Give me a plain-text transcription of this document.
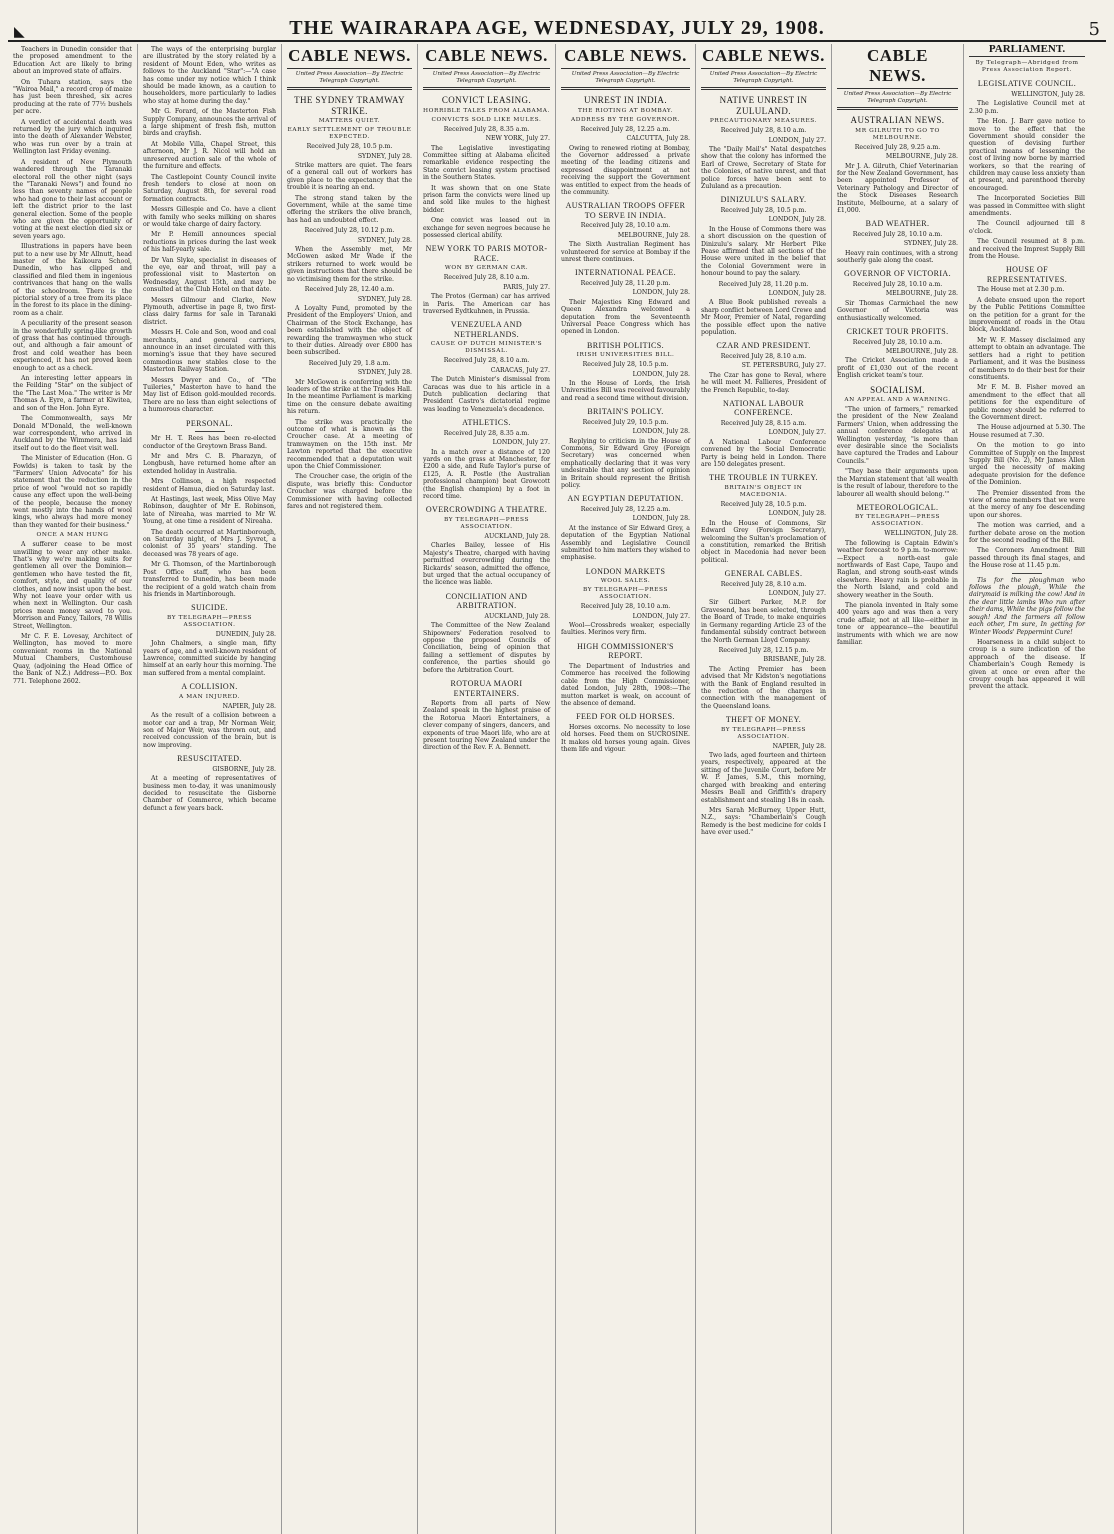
◣	THE WAIRARAPA AGE, WEDNESDAY, JULY 29, 1908.	5

Teachers in Dunedin consider that the proposed amendment to the Education Act are likely to bring about an improved state of affairs.

On Tuhara station, says the "Wairoa Mail," a record crop of maize has just been threshed, six acres producing at the rate of 77½ bushels per acre.

A verdict of accidental death was returned by the jury which inquired into the death of Alexander Webster, who was run over by a train at Wellington last Friday evening.

A resident of New Plymouth wandered through the Taranaki electoral roll the other night (says the "Taranaki News") and found no less than seventy names of people who had gone to their last account or left the district prior to the last general election. Some of the people who are given the opportunity of voting at the next election died six or seven years ago.

Illustrations in papers have been put to a new use by Mr Allnutt, head master of the Kaikoura School, Dunedin, who has clipped and classified and filed them in ingenious contrivances that hang on the walls of the schoolroom. There is the pictorial story of a tree from its place in the forest to its place in the dining-room as a chair.

A peculiarity of the present season in the wonderfully spring-like growth of grass that has continued through-out, and although a fair amount of frost and cold weather has been experienced, it has not proved keen enough to act as a check.

An interesting letter appears in the Feilding "Star" on the subject of the "The Last Moa." The writer is Mr Thomas A. Eyre, a farmer at Kiwitea, and son of the Hon. John Eyre.

The Commonwealth, says Mr Donald M'Donald, the well-known war correspondent, who arrived in Auckland by the Wimmera, has laid itself out to do the fleet visit well.

The Minister of Education (Hon. G Fowlds) is taken to task by the "Farmers' Union Advocate" for his statement that the reduction in the price of wool "would not so rapidly cause any effect upon the well-being of the people, because the money went mostly into the hands of wool kings, who always had more money than they wanted for their business."

ONCE A MAN HUNG

A sufferer cease to be most unwilling to wear any other make. That's why we're making suits for gentlemen all over the Dominion—gentlemen who have tested the fit, comfort, style, and quality of our clothes, and now insist upon the best. Why not leave your order with us when next in Wellington. Our cash prices mean money saved to you. Morrison and Fancy, Tailors, 78 Willis Street, Wellington.

Mr C. F. E. Lovesay, Architect of Wellington, has moved to more convenient rooms in the National Mutual Chambers, Customhouse Quay, (adjoining the Head Office of the Bank of N.Z.) Address—P.O. Box 771. Telephone 2602.

The ways of the enterprising burglar are illustrated by the story related by a resident of Mount Eden, who writes as follows to the Auckland "Star":—"A case has come under my notice which I think should be made known, as a caution to householders, more particularly to ladies who stay at home during the day."

Mr G. Forard, of the Masterton Fish Supply Company, announces the arrival of a large shipment of fresh fish, mutton birds and crayfish.

At Mobile Villa, Chapel Street, this afternoon, Mr J. R. Nicol will hold an unreserved auction sale of the whole of the furniture and effects.

The Castlepoint County Council invite fresh tenders to close at noon on Saturday, August 8th, for several road formation contracts.

Messrs Gillespie and Co. have a client with family who seeks milking on shares or would take charge of dairy factory.

Mr P. Hemill announces special reductions in prices during the last week of his half-yearly sale.

Dr Van Slyke, specialist in diseases of the eye, ear and throat, will pay a professional visit to Masterton on Wednesday, August 15th, and may be consulted at the Club Hotel on that date.

Messrs Gilmour and Clarke, New Plymouth, advertise in page 8, two first-class dairy farms for sale in Taranaki district.

Messrs H. Cole and Son, wood and coal merchants, and general carriers, announce in an inset circulated with this morning's issue that they have secured commodious new stables close to the Masterton Railway Station.

Messrs Dwyer and Co., of "The Tuileries," Masterton have to hand the May list of Edison gold-moulded records. There are no less than eight selections of a humorous character.

PERSONAL.

Mr H. T. Rees has been re-elected conductor of the Greytown Brass Band.

Mr and Mrs C. B. Pharazyn, of Longbush, have returned home after an extended holiday in Australia.

Mrs Collinson, a high respected resident of Hamua, died on Saturday last.

At Hastings, last week, Miss Olive May Robinson, daughter of Mr E. Robinson, late of Nireaha, was married to Mr W. Young, at one time a resident of Nireaha.

The death occurred at Martinborough, on Saturday night, of Mrs J. Syvret, a colonist of 35 years' standing. The deceased was 78 years of age.

Mr G. Thomson, of the Martinborough Post Office staff, who has been transferred to Dunedin, has been made the recipient of a gold watch chain from his friends in Martinborough.

SUICIDE.
BY TELEGRAPH—PRESS ASSOCIATION.
DUNEDIN, July 28.

John Chalmers, a single man, fifty years of age, and a well-known resident of Lawrence, committed suicide by hanging himself at an early hour this morning. The man suffered from a mental complaint.

A COLLISION.
A MAN INJURED.
NAPIER, July 28.

As the result of a collision between a motor car and a trap, Mr Norman Weir, son of Major Weir, was thrown out, and received concussion of the brain, but is now improving.

RESUSCITATED.
GISBORNE, July 28.

At a meeting of representatives of business men to-day, it was unanimously decided to resuscitate the Gisborne Chamber of Commerce, which became defunct a few years back.

CABLE NEWS.
United Press Association—By Electric Telegraph Copyright.
THE SYDNEY TRAMWAY STRIKE.
MATTERS QUIET.
EARLY SETTLEMENT OF TROUBLE EXPECTED.
Received July 28, 10.5 p.m.
SYDNEY, July 28.

Strike matters are quiet. The fears of a general call out of workers has given place to the expectancy that the trouble it is nearing an end.

The strong stand taken by the Government, while at the same time offering the strikers the olive branch, has had an undoubted effect.

Received July 28, 10.12 p.m.
SYDNEY, July 28.

When the Assembly met, Mr McGowen asked Mr Wade if the strikers returned to work would be given instructions that there should be no victimising them for the strike.

Received July 28, 12.40 a.m.
SYDNEY, July 28.

A Loyalty Fund, promoted by the President of the Employers' Union, and Chairman of the Stock Exchange, has been established with the object of rewarding the tramwaymen who stuck to their duties. Already over £800 has been subscribed.

Received July 29, 1.8 a.m.
SYDNEY, July 28.

Mr McGowen is conferring with the leaders of the strike at the Trades Hall. In the meantime Parliament is marking time on the censure debate awaiting his return.

The strike was practically the outcome of what is known as the Croucher case. At a meeting of tramwaymen on the 15th inst. Mr Lawton reported that the executive recommended that a deputation wait upon the Chief Commissioner.

The Croucher case, the origin of the dispute, was briefly this: Conductor Croucher was charged before the Commissioner with having collected fares and not registered them.

CABLE NEWS.
United Press Association—By Electric Telegraph Copyright.
CONVICT LEASING.
HORRIBLE TALES FROM ALABAMA.
CONVICTS SOLD LIKE MULES.
Received July 28, 8.35 a.m.
NEW YORK, July 27.

The Legislative investigating Committee sitting at Alabama elicited remarkable evidence respecting the State convict leasing system practised in the Southern States.

It was shown that on one State prison farm the convicts were lined up and sold like mules to the highest bidder.

One convict was leased out in exchange for seven negroes because he possessed clerical ability.

NEW YORK TO PARIS MOTOR-RACE.
WON BY GERMAN CAR.
Received July 28, 8.10 a.m.
PARIS, July 27.

The Protos (German) car has arrived in Paris. The American car has traversed Eydtkuhnen, in Prussia.

VENEZUELA AND NETHERLANDS.
CAUSE OF DUTCH MINISTER'S DISMISSAL.
Received July 28, 8.10 a.m.
CARACAS, July 27.

The Dutch Minister's dismissal from Caracas was due to his article in a Dutch publication declaring that President Castro's dictatorial regime was leading to Venezuela's decadence.

ATHLETICS.
Received July 28, 8.35 a.m.
LONDON, July 27.

In a match over a distance of 120 yards on the grass at Manchester, for £200 a side, and Rufe Taylor's purse of £125, A. R. Postle (the Australian professional champion) beat Growcott (the English champion) by a foot in record time.

OVERCROWDING A THEATRE.
BY TELEGRAPH—PRESS ASSOCIATION.
AUCKLAND, July 28.

Charles Bailey, lessee of His Majesty's Theatre, charged with having permitted overcrowding during the Rickards' season, admitted the offence, but urged that the actual occupancy of the licence was liable.

CONCILIATION AND ARBITRATION.
AUCKLAND, July 28.

The Committee of the New Zealand Shipowners' Federation resolved to oppose the proposed Councils of Conciliation, being of opinion that failing a settlement of disputes by conference, the parties should go before the Arbitration Court.

ROTORUA MAORI ENTERTAINERS.

Reports from all parts of New Zealand speak in the highest praise of the Rotorua Maori Entertainers, a clever company of singers, dancers, and exponents of true Maori life, who are at present touring New Zealand under the direction of the Rev. F. A. Bennett.

CABLE NEWS.
United Press Association—By Electric Telegraph Copyright.
UNREST IN INDIA.
THE RIOTING AT BOMBAY.
ADDRESS BY THE GOVERNOR.
Received July 28, 12.25 a.m.
CALCUTTA, July 28.

Owing to renewed rioting at Bombay, the Governor addressed a private meeting of the leading citizens and expressed disappointment at not receiving the support the Government was entitled to expect from the heads of the community.

AUSTRALIAN TROOPS OFFER TO SERVE IN INDIA.
Received July 28, 10.10 a.m.
MELBOURNE, July 28.

The Sixth Australian Regiment has volunteered for service at Bombay if the unrest there continues.

INTERNATIONAL PEACE.
Received July 28, 11.20 p.m.
LONDON, July 28.

Their Majesties King Edward and Queen Alexandra welcomed a deputation from the Seventeenth Universal Peace Congress which has opened in London.

BRITISH POLITICS.
IRISH UNIVERSITIES BILL.
Received July 28, 10.5 p.m.
LONDON, July 28.

In the House of Lords, the Irish Universities Bill was received favourably and read a second time without division.

BRITAIN'S POLICY.
Received July 29, 10.5 p.m.
LONDON, July 28.

Replying to criticism in the House of Commons, Sir Edward Grey (Foreign Secretary) was concerned when emphatically declaring that it was very undesirable that any section of opinion in Britain should represent the British policy.

AN EGYPTIAN DEPUTATION.
Received July 28, 12.25 a.m.
LONDON, July 28.

At the instance of Sir Edward Grey, a deputation of the Egyptian National Assembly and Legislative Council submitted to him matters they wished to emphasise.

LONDON MARKETS
WOOL SALES.
BY TELEGRAPH—PRESS ASSOCIATION.
Received July 28, 10.10 a.m.
LONDON, July 27.

Wool—Crossbreds weaker, especially faulties. Merinos very firm.

HIGH COMMISSIONER'S REPORT.

The Department of Industries and Commerce has received the following cable from the High Commissioner, dated London, July 28th, 1908:—The mutton market is weak, on account of the absence of demand.

FEED FOR OLD HORSES.

Horses oxcorns. No necessity to lose old horses. Feed them on SUCROSINE. It makes old horses young again. Gives them life and vigour.

CABLE NEWS.
United Press Association—By Electric Telegraph Copyright.
NATIVE UNREST IN ZULULAND.
PRECAUTIONARY MEASURES.
Received July 28, 8.10 a.m.
LONDON, July 27.

The "Daily Mail's" Natal despatches show that the colony has informed the Earl of Crewe, Secretary of State for the Colonies, of native unrest, and that police forces have been sent to Zululand as a precaution.

DINIZULU'S SALARY.
Received July 28, 10.5 p.m.
LONDON, July 28.

In the House of Commons there was a short discussion on the question of Dinizulu's salary. Mr Herbert Pike Pease affirmed that all sections of the House were united in the belief that the Colonial Government were in honour bound to pay the salary.

Received July 28, 11.20 p.m.
LONDON, July 28.

A Blue Book published reveals a sharp conflict between Lord Crewe and Mr Moor, Premier of Natal, regarding the possible effect upon the native population.

CZAR AND PRESIDENT.
Received July 28, 8.10 a.m.
ST. PETERSBURG, July 27.

The Czar has gone to Reval, where he will meet M. Fallieres, President of the French Republic, to-day.

NATIONAL LABOUR CONFERENCE.
Received July 28, 8.15 a.m.
LONDON, July 27.

A National Labour Conference convened by the Social Democratic Party is being held in London. There are 150 delegates present.

THE TROUBLE IN TURKEY.
BRITAIN'S OBJECT IN MACEDONIA.
Received July 28, 10.5 p.m.
LONDON, July 28.

In the House of Commons, Sir Edward Grey (Foreign Secretary), welcoming the Sultan's proclamation of a constitution, remarked the British object in Macedonia had never been political.

GENERAL CABLES.
Received July 28, 8.10 a.m.
LONDON, July 27.

Sir Gilbert Parker, M.P. for Gravesend, has been selected, through the Board of Trade, to make enquiries in Germany regarding Article 23 of the fundamental subsidy contract between the North German Lloyd Company.

Received July 28, 12.15 p.m.
BRISBANE, July 28.

The Acting Premier has been advised that Mr Kidston's negotiations with the Bank of England resulted in the reduction of the charges in connection with the management of the Queensland loans.

THEFT OF MONEY.
BY TELEGRAPH—PRESS ASSOCIATION.
NAPIER, July 28.

Two lads, aged fourteen and thirteen years, respectively, appeared at the sitting of the Juvenile Court, before Mr W. P. James, S.M., this morning, charged with breaking and entering Messrs Beall and Griffith's drapery establishment and stealing 18s in cash.

Mrs Sarah McBurney, Upper Hutt, N.Z., says: "Chamberlain's Cough Remedy is the best medicine for colds I have ever used."

CABLE NEWS.
United Press Association—By Electric Telegraph Copyright.
AUSTRALIAN NEWS.
MR GILRUTH TO GO TO MELBOURNE.
Received July 28, 9.25 a.m.
MELBOURNE, July 28.

Mr J. A. Gilruth, Chief Veterinarian for the New Zealand Government, has been appointed Professor of Veterinary Pathology and Director of the Stock Diseases Research Institute, Melbourne, at a salary of £1,000.

BAD WEATHER.
Received July 28, 10.10 a.m.
SYDNEY, July 28.

Heavy rain continues, with a strong southerly gale along the coast.

GOVERNOR OF VICTORIA.
Received July 28, 10.10 a.m.
MELBOURNE, July 28.

Sir Thomas Carmichael the new Governor of Victoria was enthusiastically welcomed.

CRICKET TOUR PROFITS.
Received July 28, 10.10 a.m.
MELBOURNE, July 28.

The Cricket Association made a profit of £1,030 out of the recent English cricket team's tour.

SOCIALISM.
AN APPEAL AND A WARNING.

"The union of farmers," remarked the president of the New Zealand Farmers' Union, when addressing the annual conference delegates at Wellington yesterday, "is more than ever desirable since the Socialists have captured the Trades and Labour Councils."

"They base their arguments upon the Marxian statement that 'all wealth is the result of labour, therefore to the labourer all wealth should belong.'"

METEOROLOGICAL.
BY TELEGRAPH—PRESS ASSOCIATION.
WELLINGTON, July 28.

The following is Captain Edwin's weather forecast to 9 p.m. to-morrow:—Expect a north-east gale northwards of East Cape, Taupo and Raglan, and strong south-east winds elsewhere. Heavy rain is probable in the North Island, and cold and showery weather in the South.

The pianola invented in Italy some 400 years ago and was then a very crude affair, not at all like—either in tone or appearance—the beautiful instruments with which we are now familiar.

PARLIAMENT.
By Telegraph—Abridged from Press Association Report.
LEGISLATIVE COUNCIL.
WELLINGTON, July 28.

The Legislative Council met at 2.30 p.m.

The Hon. J. Barr gave notice to move to the effect that the Government should consider the question of devising further practical means of lessening the cost of living now borne by married workers, so that the rearing of children may cause less anxiety than at present, and parenthood thereby encouraged.

The Incorporated Societies Bill was passed in Committee with slight amendments.

The Council adjourned till 8 o'clock.

The Council resumed at 8 p.m. and received the Imprest Supply Bill from the House.

HOUSE OF REPRESENTATIVES.

The House met at 2.30 p.m.

A debate ensued upon the report by the Public Petitions Committee on the petition for a grant for the improvement of roads in the Otau block, Auckland.

Mr W. F. Massey disclaimed any attempt to obtain an advantage. The settlers had a right to petition Parliament, and it was the business of members to do their best for their constituents.

Mr F. M. B. Fisher moved an amendment to the effect that all petitions for the expenditure of public money should be referred to the Government direct.

The House adjourned at 5.30. The House resumed at 7.30.

On the motion to go into Committee of Supply on the Imprest Supply Bill (No. 2), Mr James Allen urged the necessity of making adequate provision for the defence of the Dominion.

The Premier dissented from the view of some members that we were at the mercy of any foe descending upon our shores.

The motion was carried, and a further debate arose on the motion for the second reading of the Bill.

The Coroners Amendment Bill passed through its final stages, and the House rose at 11.45 p.m.

Tis for the ploughman who follows the plough, While the dairymaid is milking the cow! And in the dear little lambs Who run after their dams, While the pigs follow the sough! And the farmers all follow each other, I'm sure, In getting for Winter Woods' Peppermint Cure!

Hoarseness in a child subject to croup is a sure indication of the approach of the disease. If Chamberlain's Cough Remedy is given at once or even after the croupy cough has appeared it will prevent the attack.
